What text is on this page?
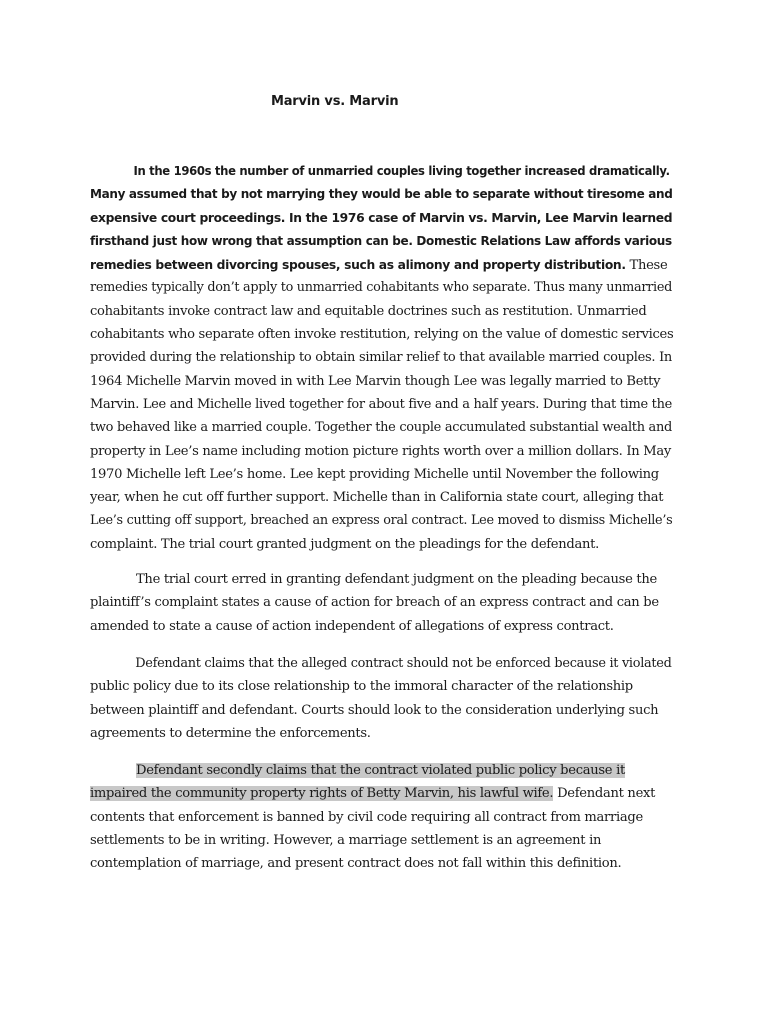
Marvin vs. Marvin
In the 1960s the number of unmarried couples living together increased dramatically.
Many assumed that by not marrying they would be able to separate without tiresome and
expensive court proceedings. In the 1976 case of Marvin vs. Marvin, Lee Marvin learned
firsthand just how wrong that assumption can be. Domestic Relations Law affords various
remedies between divorcing spouses, such as alimony and property distribution. These
remedies typically don’t apply to unmarried cohabitants who separate. Thus many unmarried
cohabitants invoke contract law and equitable doctrines such as restitution. Unmarried
cohabitants who separate often invoke restitution, relying on the value of domestic services
provided during the relationship to obtain similar relief to that available married couples. In
1964 Michelle Marvin moved in with Lee Marvin though Lee was legally married to Betty
Marvin. Lee and Michelle lived together for about five and a half years. During that time the
two behaved like a married couple. Together the couple accumulated substantial wealth and
property in Lee’s name including motion picture rights worth over a million dollars. In May
1970 Michelle left Lee’s home. Lee kept providing Michelle until November the following
year, when he cut off further support. Michelle than in California state court, alleging that
Lee’s cutting off support, breached an express oral contract. Lee moved to dismiss Michelle’s
complaint. The trial court granted judgment on the pleadings for the defendant.
The trial court erred in granting defendant judgment on the pleading because the
plaintiff’s complaint states a cause of action for breach of an express contract and can be
amended to state a cause of action independent of allegations of express contract.
Defendant claims that the alleged contract should not be enforced because it violated
public policy due to its close relationship to the immoral character of the relationship
between plaintiff and defendant. Courts should look to the consideration underlying such
agreements to determine the enforcements.
Defendant secondly claims that the contract violated public policy because it
impaired the community property rights of Betty Marvin, his lawful wife. Defendant next
contents that enforcement is banned by civil code requiring all contract from marriage
settlements to be in writing. However, a marriage settlement is an agreement in
contemplation of marriage, and present contract does not fall within this definition.
